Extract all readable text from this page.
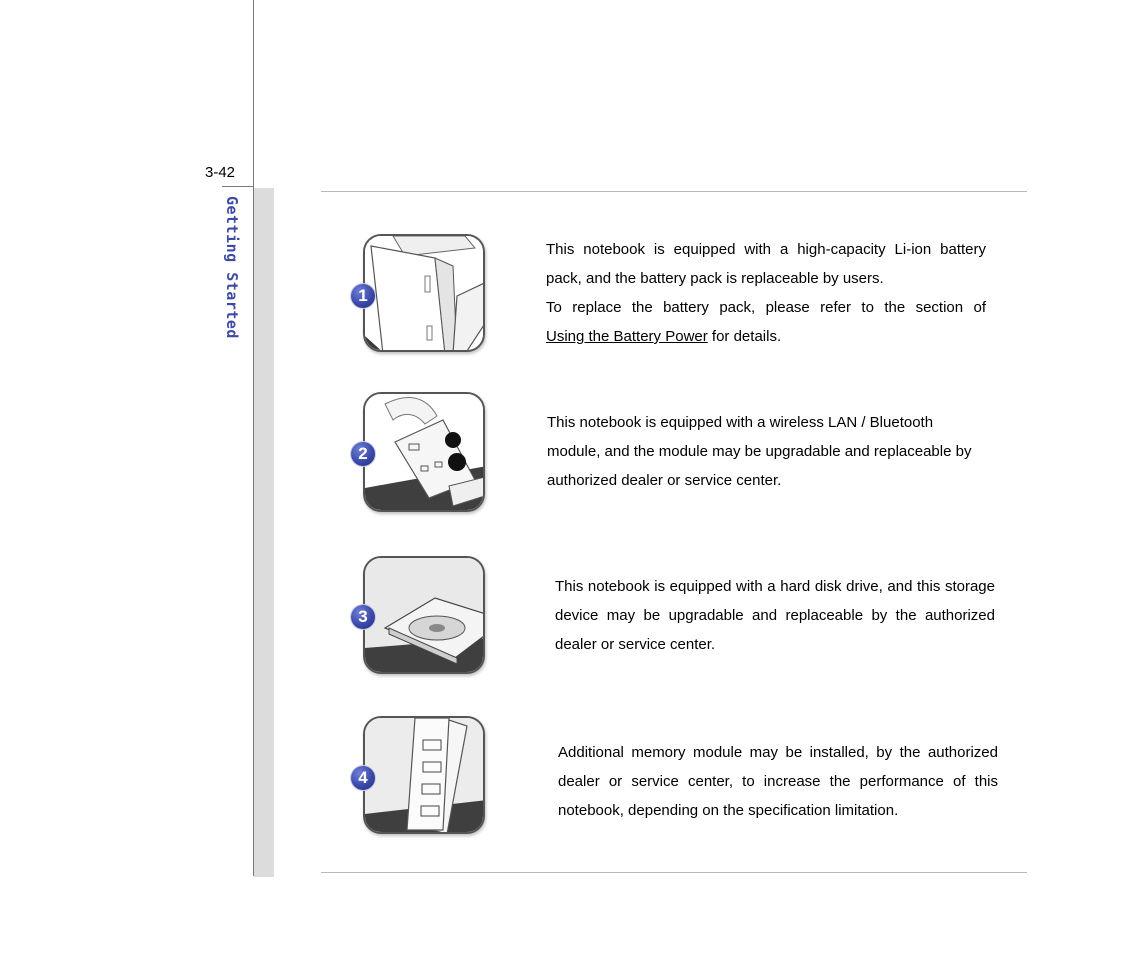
3-42
Getting Started	1

This notebook is equipped with a high-capacity Li-ion battery pack, and the battery pack is replaceable by users.

To replace the battery pack, please refer to the section of

Using the Battery Power for details.

2
This notebook is equipped with a wireless LAN / Bluetooth module, and the module may be upgradable and replaceable by authorized dealer or service center.
3
This notebook is equipped with a hard disk drive, and this storage device may be upgradable and replaceable by the authorized dealer or service center.
4
Additional memory module may be installed, by the authorized dealer or service center, to increase the performance of this notebook, depending on the specification limitation.
